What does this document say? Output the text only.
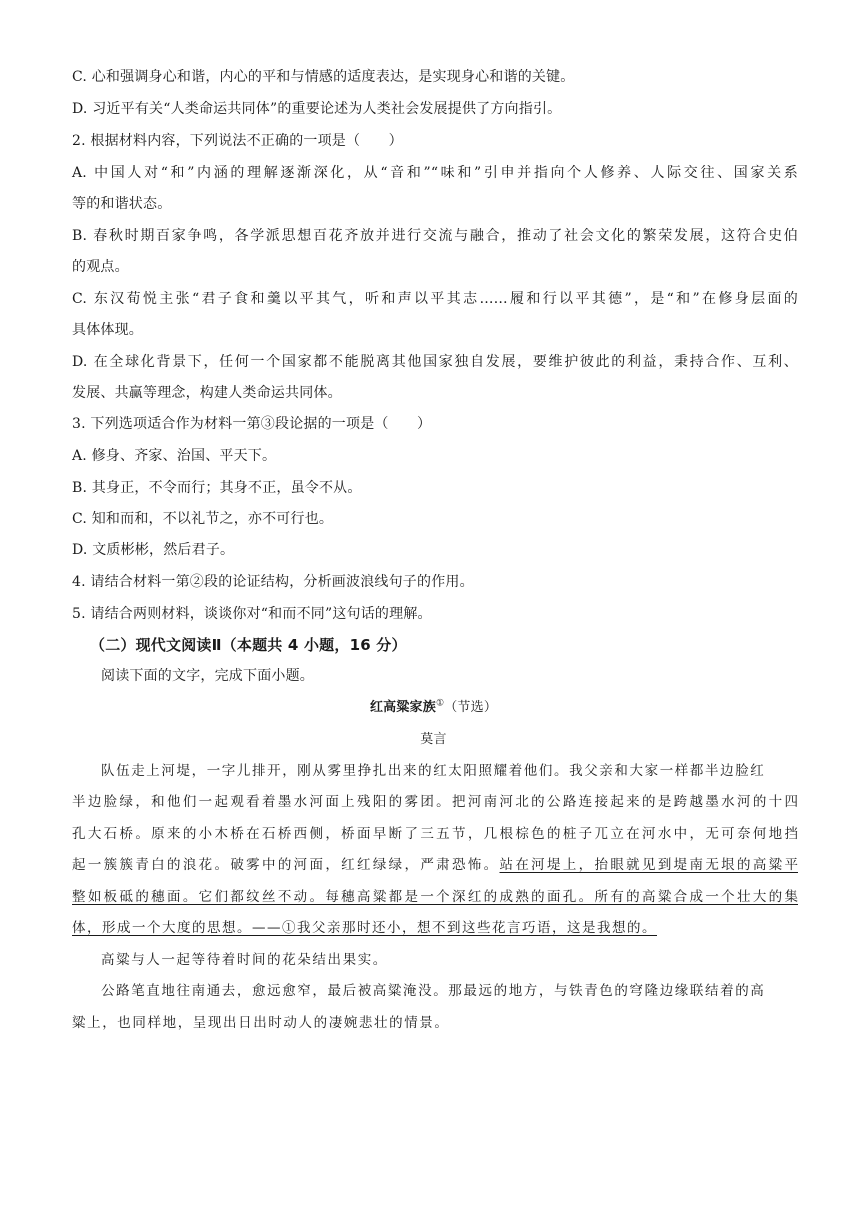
C. 心和强调身心和谐，内心的平和与情感的适度表达，是实现身心和谐的关键。
D. 习近平有关“人类命运共同体”的重要论述为人类社会发展提供了方向指引。
2. 根据材料内容，下列说法不正确的一项是（　　）
A. 中国人对“和”内涵的理解逐渐深化，从“音和”“味和”引申并指向个人修养、人际交往、国家关系
等的和谐状态。
B. 春秋时期百家争鸣，各学派思想百花齐放并进行交流与融合，推动了社会文化的繁荣发展，这符合史伯
的观点。
C. 东汉荀悦主张“君子食和羹以平其气，听和声以平其志……履和行以平其德”，是“和”在修身层面的
具体体现。
D. 在全球化背景下，任何一个国家都不能脱离其他国家独自发展，要维护彼此的利益，秉持合作、互利、
发展、共赢等理念，构建人类命运共同体。
3. 下列选项适合作为材料一第③段论据的一项是（　　）
A. 修身、齐家、治国、平天下。
B. 其身正，不令而行；其身不正，虽令不从。
C. 知和而和，不以礼节之，亦不可行也。
D. 文质彬彬，然后君子。
4. 请结合材料一第②段的论证结构，分析画波浪线句子的作用。
5. 请结合两则材料，谈谈你对“和而不同”这句话的理解。
（二）现代文阅读Ⅱ（本题共 4 小题，16 分）
阅读下面的文字，完成下面小题。
红高粱家族①（节选）
莫言
队伍走上河堤，一字儿排开，刚从雾里挣扎出来的红太阳照耀着他们。我父亲和大家一样都半边脸红
半边脸绿，和他们一起观看着墨水河面上残阳的雾团。把河南河北的公路连接起来的是跨越墨水河的十四
孔大石桥。原来的小木桥在石桥西侧，桥面早断了三五节，几根棕色的桩子兀立在河水中，无可奈何地挡
起一簇簇青白的浪花。破雾中的河面，红红绿绿，严肃恐怖。站在河堤上，抬眼就见到堤南无垠的高粱平
整如板砥的穗面。它们都纹丝不动。每穗高粱都是一个深红的成熟的面孔。所有的高粱合成一个壮大的集
体，形成一个大度的思想。——①我父亲那时还小，想不到这些花言巧语，这是我想的。
高粱与人一起等待着时间的花朵结出果实。
公路笔直地往南通去，愈远愈窄，最后被高粱淹没。那最远的地方，与铁青色的穹隆边缘联结着的高
粱上，也同样地，呈现出日出时动人的凄婉悲壮的情景。
